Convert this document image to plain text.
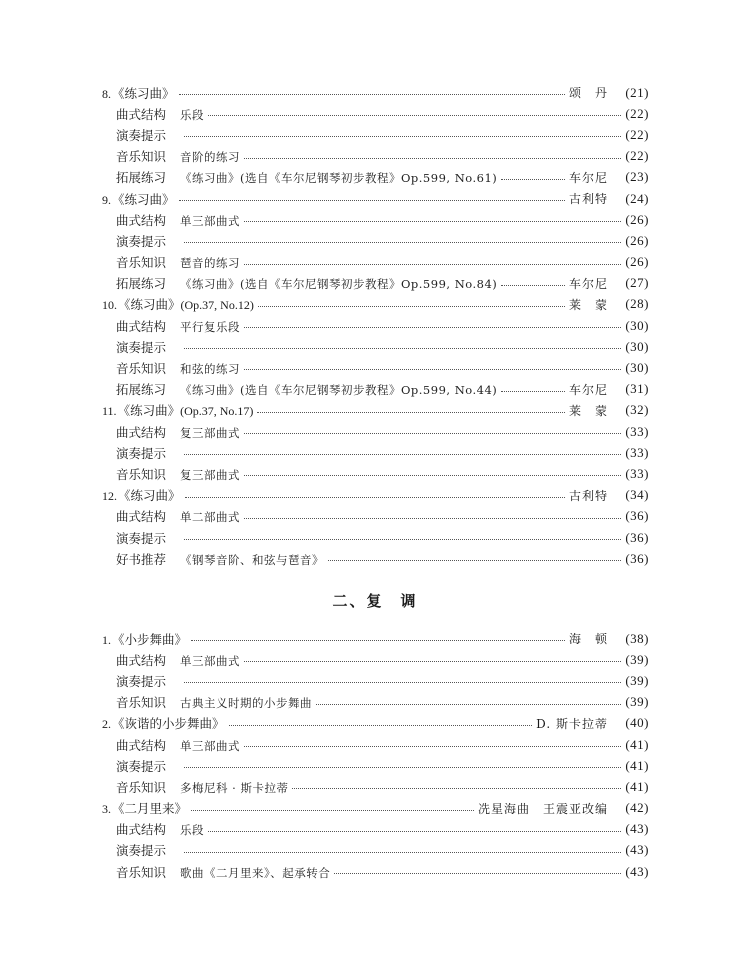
8. 《练习曲》	颂　丹 (21)
曲式结构	乐段	(22)
演奏提示	(22)
音乐知识	音阶的练习	(22)
拓展练习	《练习曲》(选自《车尔尼钢琴初步教程》Op.599, No.61)	车尔尼 (23)
9. 《练习曲》	古利特 (24)
曲式结构	单三部曲式	(26)
演奏提示	(26)
音乐知识	琶音的练习	(26)
拓展练习	《练习曲》(选自《车尔尼钢琴初步教程》Op.599, No.84)	车尔尼 (27)
10. 《练习曲》 (Op.37, No.12)	莱　蒙 (28)
曲式结构	平行复乐段	(30)
演奏提示	(30)
音乐知识	和弦的练习	(30)
拓展练习	《练习曲》(选自《车尔尼钢琴初步教程》Op.599, No.44)	车尔尼 (31)
11. 《练习曲》 (Op.37, No.17)	莱　蒙 (32)
曲式结构	复三部曲式	(33)
演奏提示	(33)
音乐知识	复三部曲式	(33)
12. 《练习曲》	古利特 (34)
曲式结构	单二部曲式	(36)
演奏提示	(36)
好书推荐	《钢琴音阶、和弦与琶音》	(36)
二、复　调
1. 《小步舞曲》	海　顿 (38)
曲式结构	单三部曲式	(39)
演奏提示	(39)
音乐知识	古典主义时期的小步舞曲	(39)
2. 《诙谐的小步舞曲》	D. 斯卡拉蒂 (40)
曲式结构	单三部曲式	(41)
演奏提示	(41)
音乐知识	多梅尼科 · 斯卡拉蒂	(41)
3. 《二月里来》	冼星海曲　王震亚改编 (42)
曲式结构	乐段	(43)
演奏提示	(43)
音乐知识	歌曲《二月里来》、起承转合	(43)
